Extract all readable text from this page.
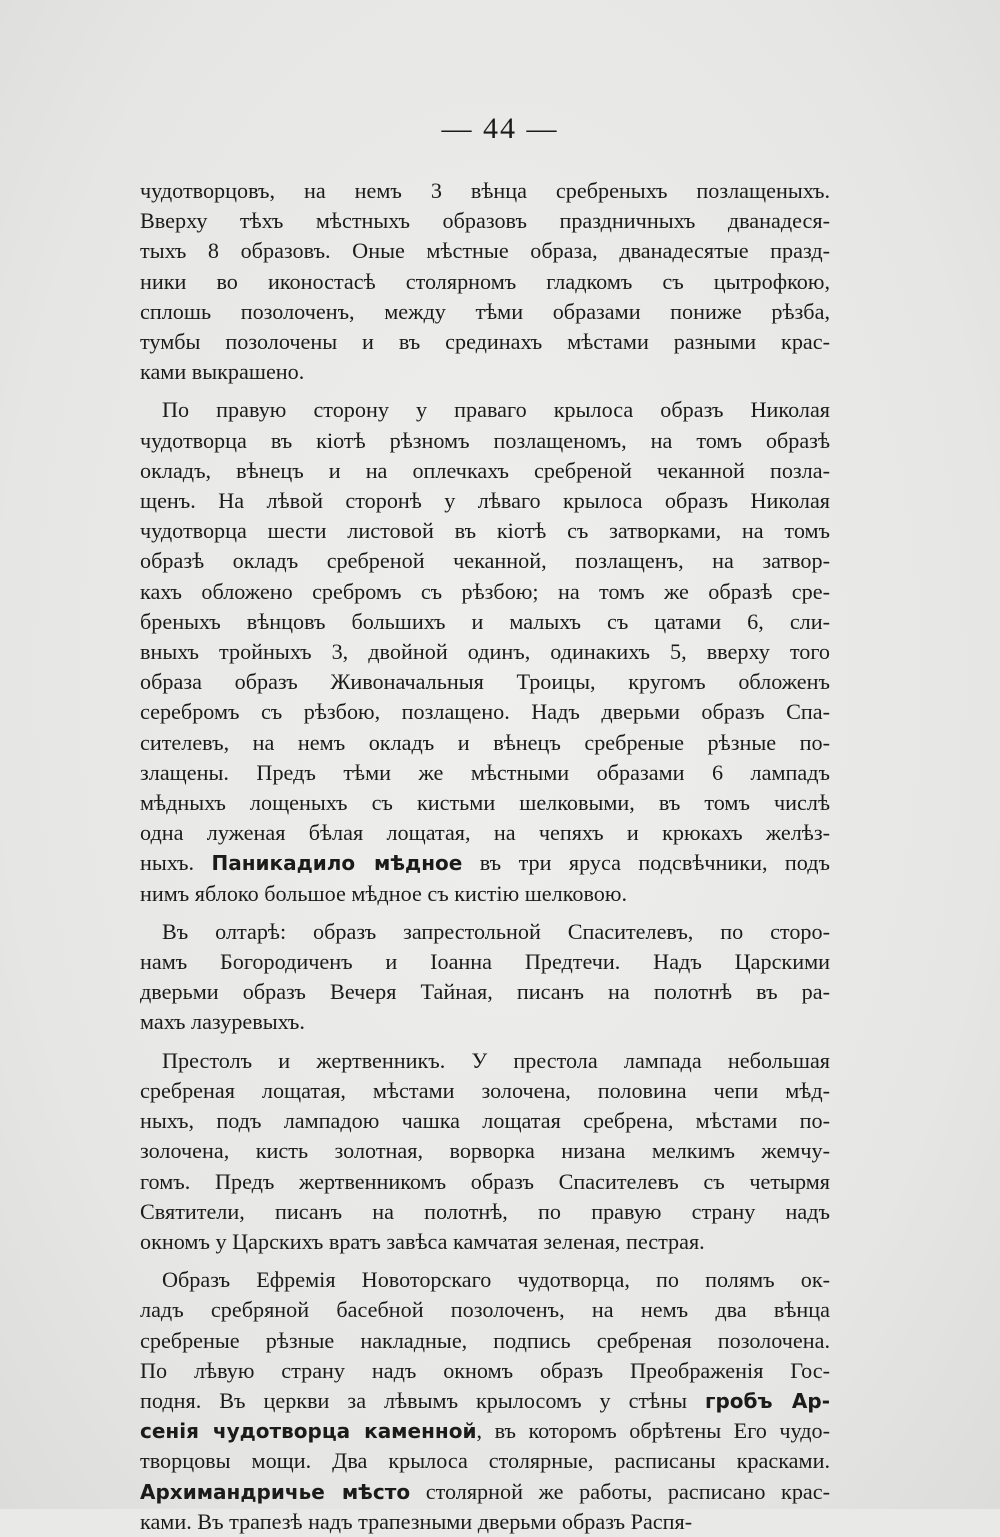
— 44 —
чудотворцовъ, на немъ 3 вѣнца сребреныхъ позлащеныхъ.
Вверху тѣхъ мѣстныхъ образовъ праздничныхъ дванадеся-
тыхъ 8 образовъ. Оные мѣстные образа, дванадесятые празд-
ники во иконостасѣ столярномъ гладкомъ съ цытрофкою,
сплошь позолоченъ, между тѣми образами пониже рѣзба,
тумбы позолочены и въ срединахъ мѣстами разными крас-
ками выкрашено.
По правую сторону у праваго крылоса образъ Николая
чудотворца въ кіотѣ рѣзномъ позлащеномъ, на томъ образѣ
окладъ, вѣнецъ и на оплечкахъ сребреной чеканной позла-
щенъ. На лѣвой сторонѣ у лѣваго крылоса образъ Николая
чудотворца шести листовой въ кіотѣ съ затворками, на томъ
образѣ окладъ сребреной чеканной, позлащенъ, на затвор-
кахъ обложено сребромъ съ рѣзбою; на томъ же образѣ сре-
бреныхъ вѣнцовъ большихъ и малыхъ съ цатами 6, сли-
вныхъ тройныхъ 3, двойной одинъ, одинакихъ 5, вверху того
образа образъ Живоначальныя Троицы, кругомъ обложенъ
серебромъ съ рѣзбою, позлащено. Надъ дверьми образъ Спа-
сителевъ, на немъ окладъ и вѣнецъ сребреные рѣзные по-
злащены. Предъ тѣми же мѣстными образами 6 лампадъ
мѣдныхъ лощеныхъ съ кистьми шелковыми, въ томъ числѣ
одна луженая бѣлая лощатая, на чепяхъ и крюкахъ желѣз-
ныхъ. Паникадило мѣдное въ три яруса подсвѣчники, подъ
нимъ яблоко большое мѣдное съ кистію шелковою.
Въ олтарѣ: образъ запрестольной Спасителевъ, по сторо-
намъ Богородиченъ и Іоанна Предтечи. Надъ Царскими
дверьми образъ Вечеря Тайная, писанъ на полотнѣ въ ра-
махъ лазуревыхъ.
Престолъ и жертвенникъ. У престола лампада небольшая
сребреная лощатая, мѣстами золочена, половина чепи мѣд-
ныхъ, подъ лампадою чашка лощатая сребрена, мѣстами по-
золочена, кисть золотная, ворворка низана мелкимъ жемчу-
гомъ. Предъ жертвенникомъ образъ Спасителевъ съ четырмя
Святители, писанъ на полотнѣ, по правую страну надъ
окномъ у Царскихъ вратъ завѣса камчатая зеленая, пестрая.
Образъ Ефремія Новоторскаго чудотворца, по полямъ ок-
ладъ сребряной басебной позолоченъ, на немъ два вѣнца
сребреные рѣзные накладные, подпись сребреная позолочена.
По лѣвую страну надъ окномъ образъ Преображенія Гос-
подня. Въ церкви за лѣвымъ крылосомъ у стѣны гробъ Ар-
сенія чудотворца каменной, въ которомъ обрѣтены Его чудо-
творцовы мощи. Два крылоса столярные, расписаны красками.
Архимандричье мѣсто столярной же работы, расписано крас-
ками. Въ трапезѣ надъ трапезными дверьми образъ Распя-
